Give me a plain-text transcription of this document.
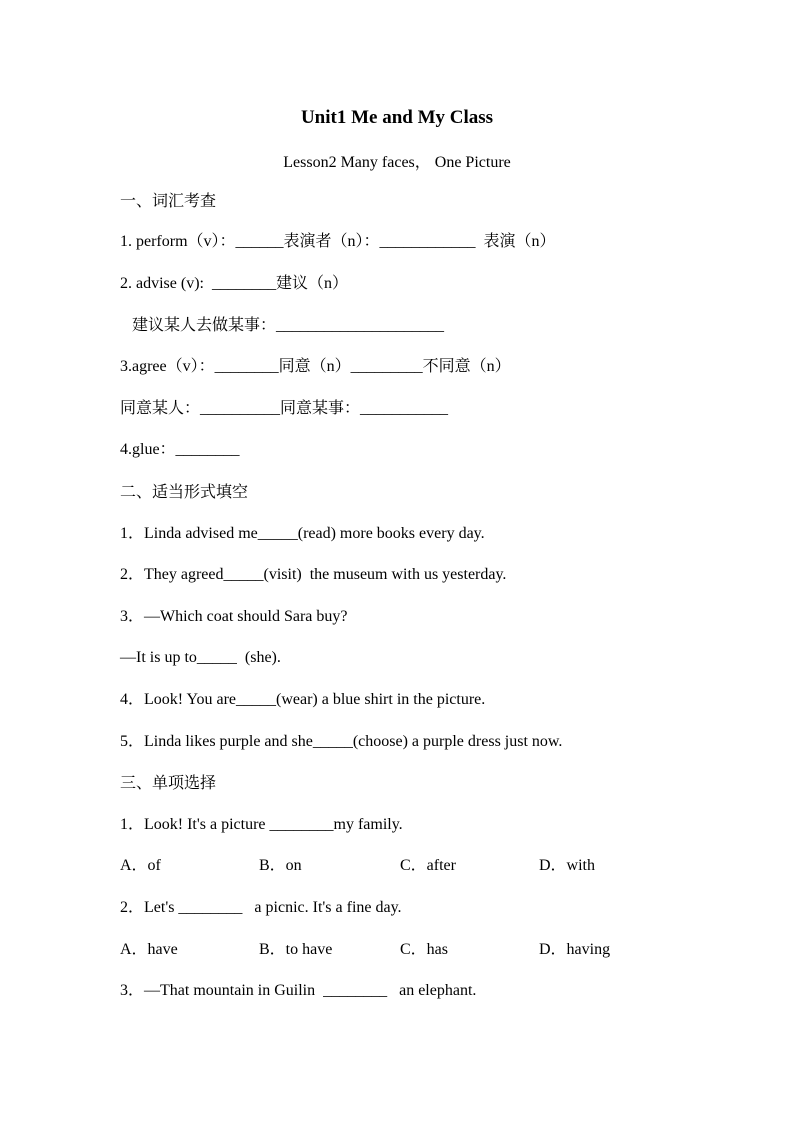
Unit1 Me and My Class
Lesson2 Many faces， One Picture
一、词汇考查
1. perform（v）：______表演者（n）：____________  表演（n）
2. advise (v):  ________建议（n）
建议某人去做某事：_____________________
3.agree（v）：________同意（n）_________不同意（n）
同意某人：__________同意某事：___________
4.glue：________
二、适当形式填空
1．Linda advised me_____(read) more books every day.
2．They agreed_____(visit)  the museum with us yesterday.
3．—Which coat should Sara buy?
—It is up to_____  (she).
4．Look! You are_____(wear) a blue shirt in the picture.
5．Linda likes purple and she_____(choose) a purple dress just now.
三、单项选择
1．Look! It's a picture ________my family.
A．of	B．on	C．after	D．with
2．Let's ________   a picnic. It's a fine day.
A．have	B．to have	C．has	D．having
3．—That mountain in Guilin  ________   an elephant.
